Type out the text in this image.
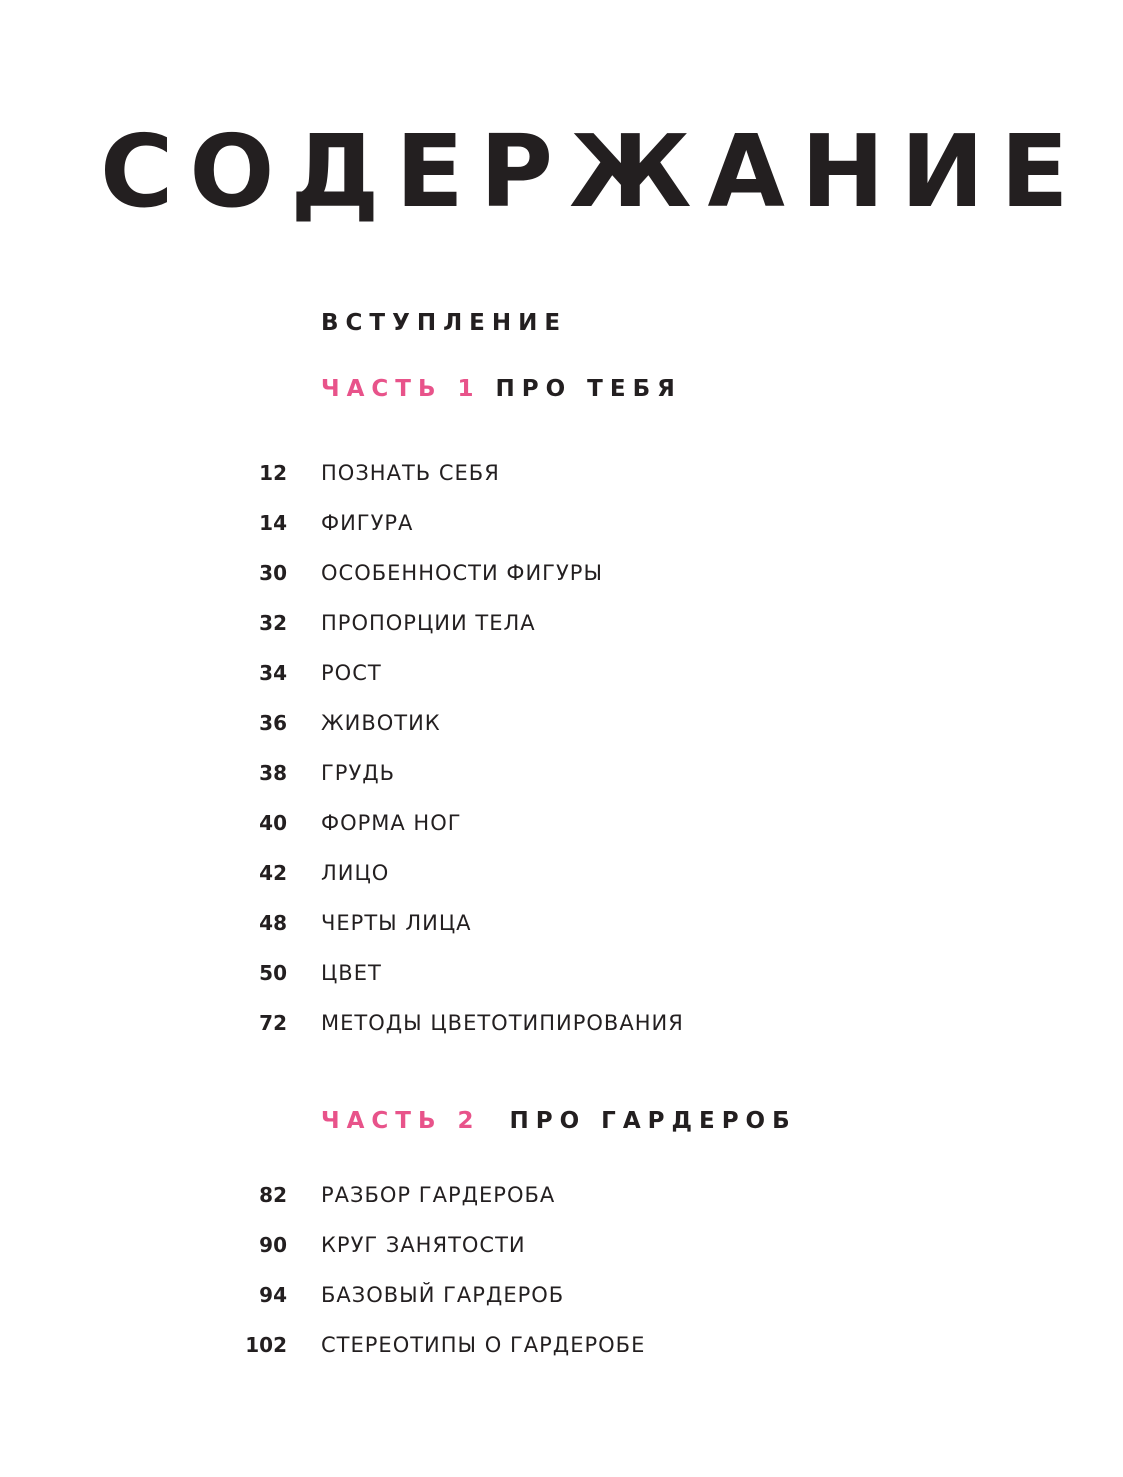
СОДЕРЖАНИЕ
ВСТУПЛЕНИЕ
ЧАСТЬ 1 ПРО ТЕБЯ
12 ПОЗНАТЬ СЕБЯ
14 ФИГУРА
30 ОСОБЕННОСТИ ФИГУРЫ
32 ПРОПОРЦИИ ТЕЛА
34 РОСТ
36 ЖИВОТИК
38 ГРУДЬ
40 ФОРМА НОГ
42 ЛИЦО
48 ЧЕРТЫ ЛИЦА
50 ЦВЕТ
72 МЕТОДЫ ЦВЕТОТИПИРОВАНИЯ
ЧАСТЬ 2 ПРО ГАРДЕРОБ
82 РАЗБОР ГАРДЕРОБА
90 КРУГ ЗАНЯТОСТИ
94 БАЗОВЫЙ ГАРДЕРОБ
102 СТЕРЕОТИПЫ О ГАРДЕРОБЕ
